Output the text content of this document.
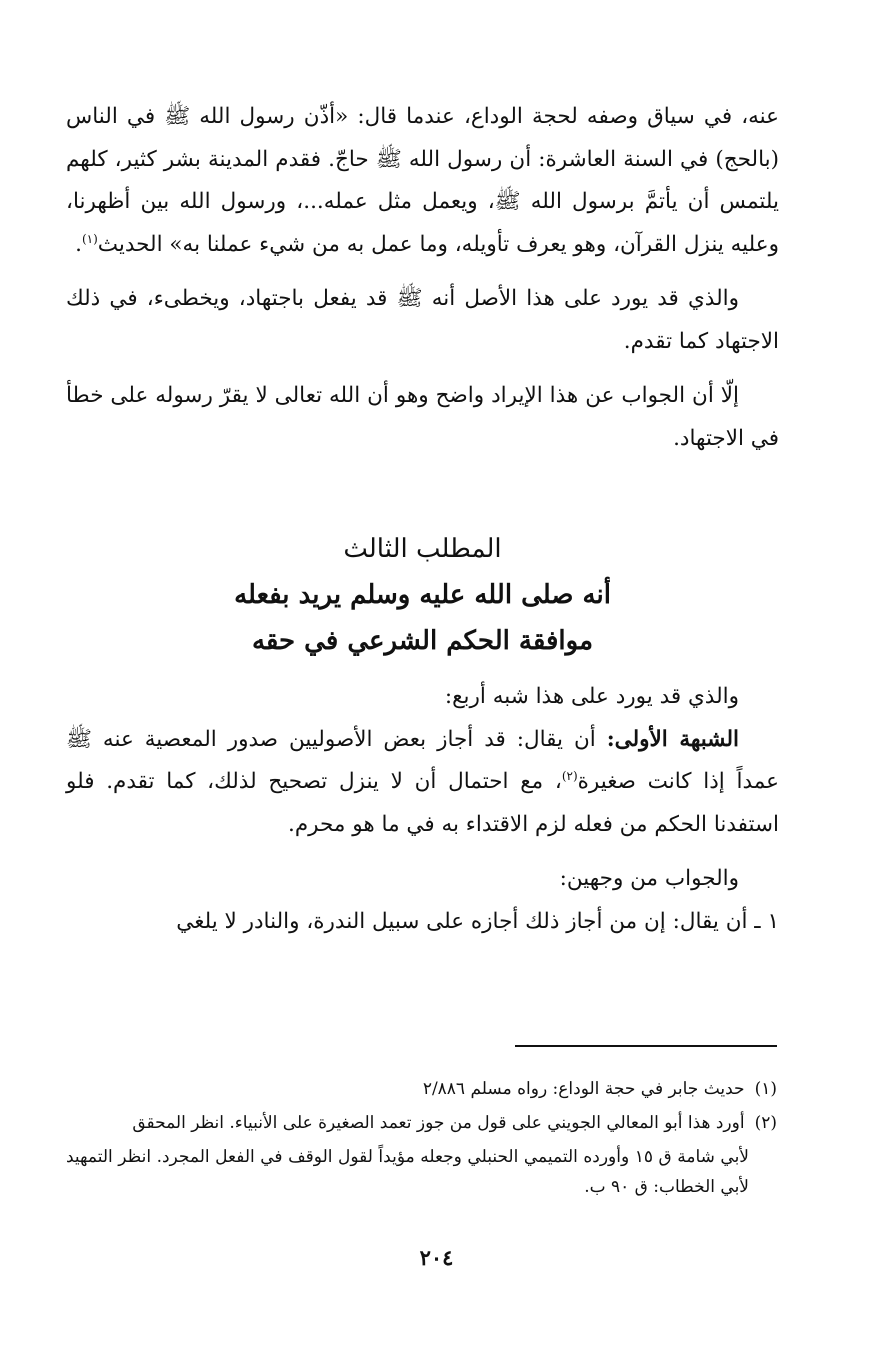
عنه، في سياق وصفه لحجة الوداع، عندما قال: «أذّن رسول الله ﷺ في الناس (بالحج) في السنة العاشرة: أن رسول الله ﷺ حاجّ. فقدم المدينة بشر كثير، كلهم يلتمس أن يأتمَّ برسول الله ﷺ، ويعمل مثل عمله...، ورسول الله بين أظهرنا، وعليه ينزل القرآن، وهو يعرف تأويله، وما عمل به من شيء عملنا به» الحديث$^{(١)}$.

والذي قد يورد على هذا الأصل أنه ﷺ قد يفعل باجتهاد، ويخطىء، في ذلك الاجتهاد كما تقدم.

إلّا أن الجواب عن هذا الإيراد واضح وهو أن الله تعالى لا يقرّ رسوله على خطأ في الاجتهاد.

المطلب الثالث

أنه صلى الله عليه وسلم يريد بفعله

موافقة الحكم الشرعي في حقه

والذي قد يورد على هذا شبه أربع:

الشبهة الأولى: أن يقال: قد أجاز بعض الأصوليين صدور المعصية عنه ﷺ عمداً إذا كانت صغيرة$^{(٢)}$، مع احتمال أن لا ينزل تصحيح لذلك، كما تقدم. فلو استفدنا الحكم من فعله لزم الاقتداء به في ما هو محرم.

والجواب من وجهين:

١ ـ أن يقال: إن من أجاز ذلك أجازه على سبيل الندرة، والنادر لا يلغي

(١)حديث جابر في حجة الوداع: رواه مسلم ٢/٨٨٦

(٢)أورد هذا أبو المعالي الجويني على قول من جوز تعمد الصغيرة على الأنبياء. انظر المحقق

لأبي شامة ق ١٥ وأورده التميمي الحنبلي وجعله مؤيداً لقول الوقف في الفعل المجرد. انظر التمهيد لأبي الخطاب: ق ٩٠ ب.

٢٠٤
